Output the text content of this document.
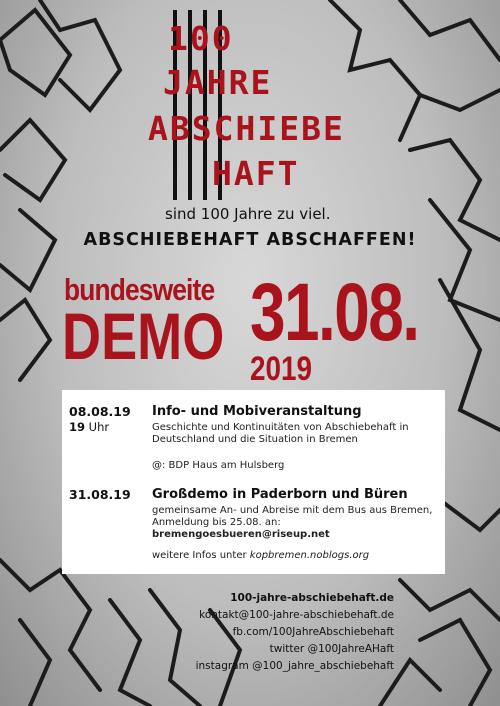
100
JAHRE
ABSCHIEBE
HAFT
sind 100 Jahre zu viel.
ABSCHIEBEHAFT ABSCHAFFEN!
bundesweite
DEMO 31.08.
2019
08.08.19
19 Uhr
Info- und Mobiveranstaltung
Geschichte und Kontinuitäten von Abschiebehaft in Deutschland und die Situation in Bremen
@: BDP Haus am Hulsberg
31.08.19 Großdemo in Paderborn und Büren
gemeinsame An- und Abreise mit dem Bus aus Bremen, Anmeldung bis 25.08. an:
bremengoesbueren@riseup.net
weitere Infos unter kopbremen.noblogs.org
100-jahre-abschiebehaft.de
kontakt@100-jahre-abschiebehaft.de
fb.com/100JahreAbschiebehaft
twitter @100JahreAHaft
instagram @100_jahre_abschiebehaft
